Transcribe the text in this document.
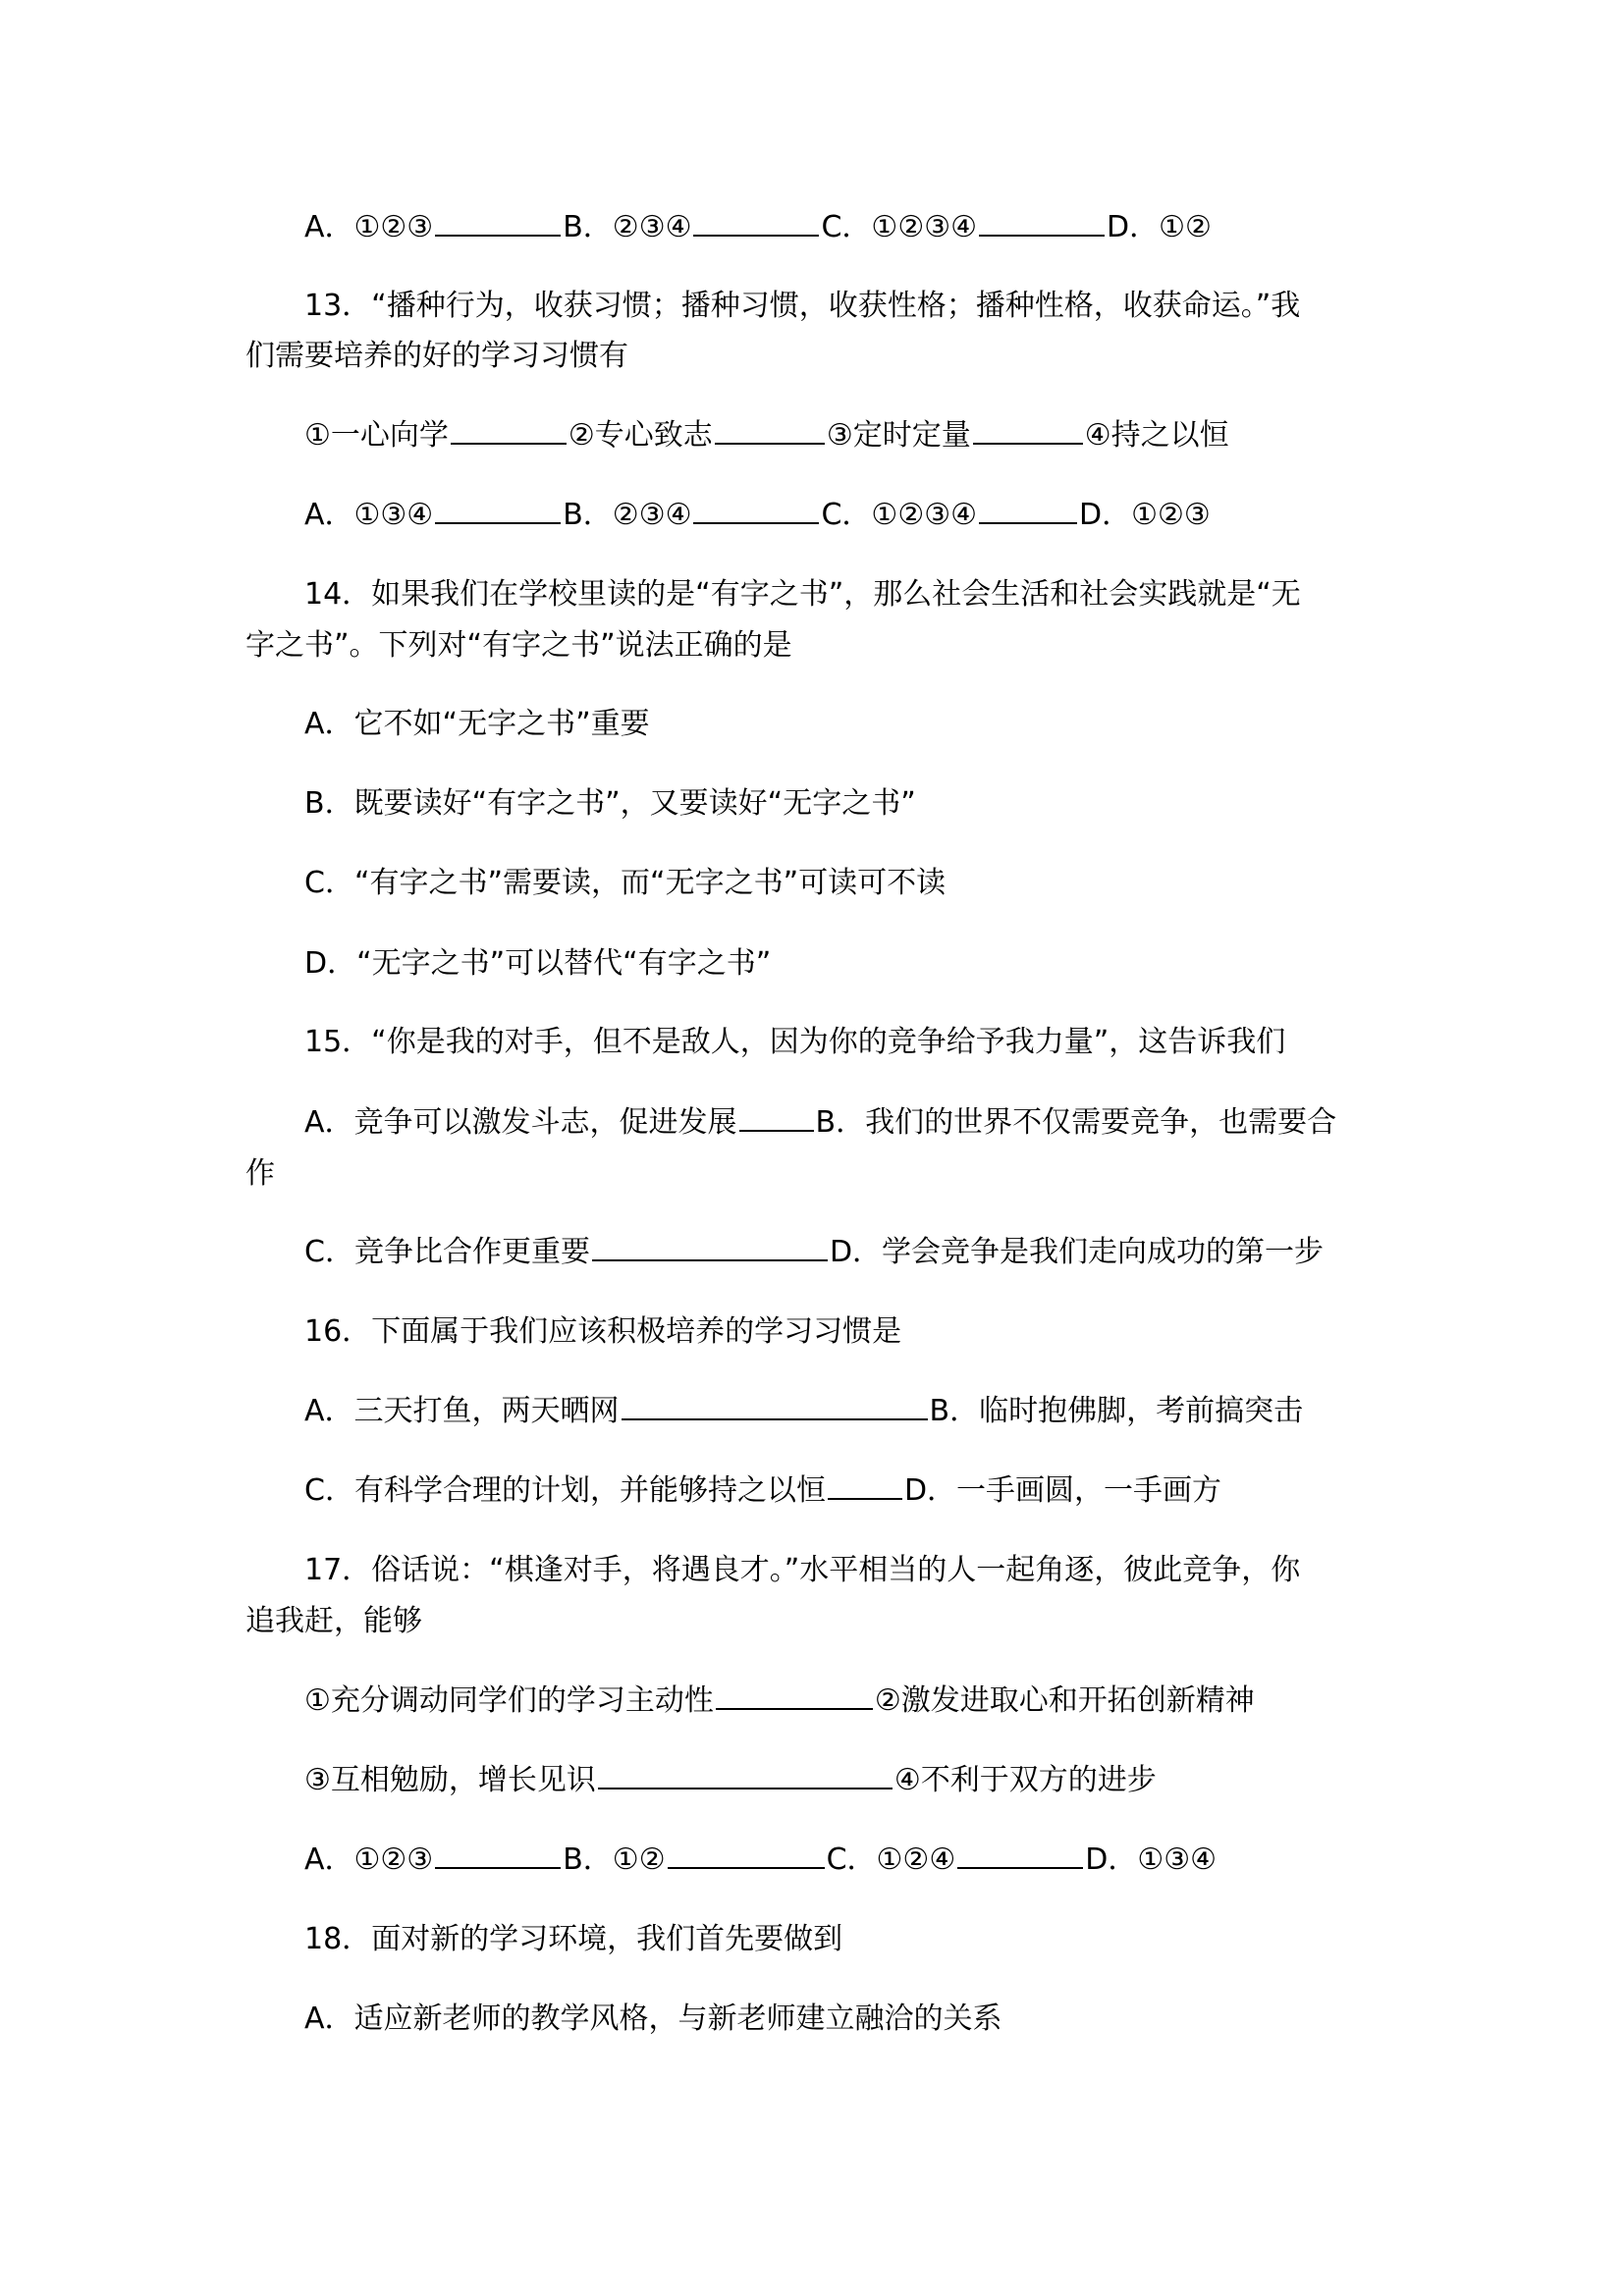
A．①②③	B．②③④	C．①②③④	D．①②
13．“播种行为，收获习惯；播种习惯，收获性格；播种性格，收获命运。”我
们需要培养的好的学习习惯有
①一心向学	②专心致志	③定时定量	④持之以恒
A．①③④	B．②③④	C．①②③④	D．①②③
14．如果我们在学校里读的是“有字之书”，那么社会生活和社会实践就是“无
字之书”。下列对“有字之书”说法正确的是
A．它不如“无字之书”重要
B．既要读好“有字之书”，又要读好“无字之书”
C．“有字之书”需要读，而“无字之书”可读可不读
D．“无字之书”可以替代“有字之书”
15．“你是我的对手，但不是敌人，因为你的竞争给予我力量”，这告诉我们
A．竞争可以激发斗志，促进发展	B．我们的世界不仅需要竞争，也需要合
作
C．竞争比合作更重要	D．学会竞争是我们走向成功的第一步
16．下面属于我们应该积极培养的学习习惯是
A．三天打鱼，两天晒网	B．临时抱佛脚，考前搞突击
C．有科学合理的计划，并能够持之以恒	D．一手画圆，一手画方
17．俗话说：“棋逢对手，将遇良才。”水平相当的人一起角逐，彼此竞争，你
追我赶，能够
①充分调动同学们的学习主动性	②激发进取心和开拓创新精神
③互相勉励，增长见识	④不利于双方的进步
A．①②③	B．①②	C．①②④	D．①③④
18．面对新的学习环境，我们首先要做到
A．适应新老师的教学风格，与新老师建立融洽的关系
